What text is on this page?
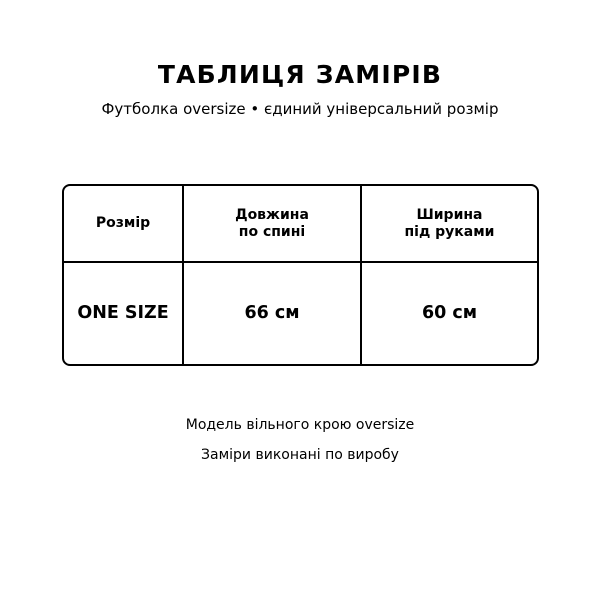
ТАБЛИЦЯ ЗАМІРІВ
Футболка oversize • єдиний універсальний розмір
Розмір
Довжина
по спині
Ширина
під руками
ONE SIZE	66 см	60 см
Модель вільного крою oversize
Заміри виконані по виробу
